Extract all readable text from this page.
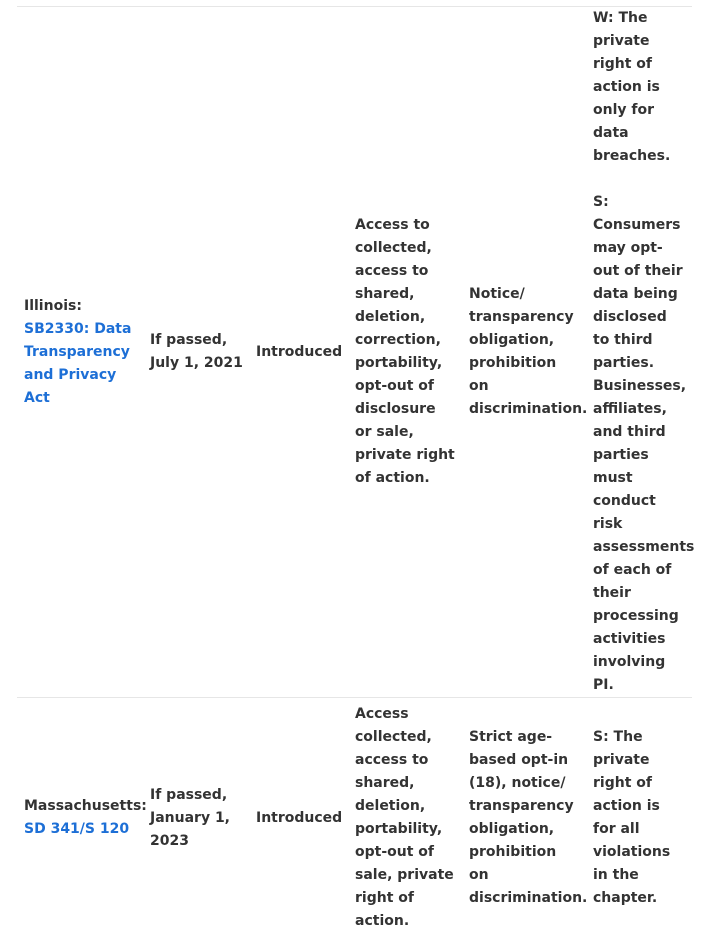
Illinois: SB2330: Data Transparency and Privacy Act	If passed, July 1, 2021	Introduced	Access to collected, access to shared, deletion, correction, portability, opt-out of disclosure or sale, private right of action.	Notice/ transparency obligation, prohibition on discrimination.	W: The private right of action is only for data breaches.
S: Consumers may opt-out of their data being disclosed to third parties. Businesses, affiliates, and third parties must conduct risk assessments of each of their processing activities involving PI.

Massachusetts: SD 341/S 120	If passed, January 1, 2023	Introduced	Access collected, access to shared, deletion, portability, opt-out of sale, private right of action.	Strict age-based opt-in (18), notice/ transparency obligation, prohibition on discrimination.	S: The private right of action is for all violations in the chapter.
